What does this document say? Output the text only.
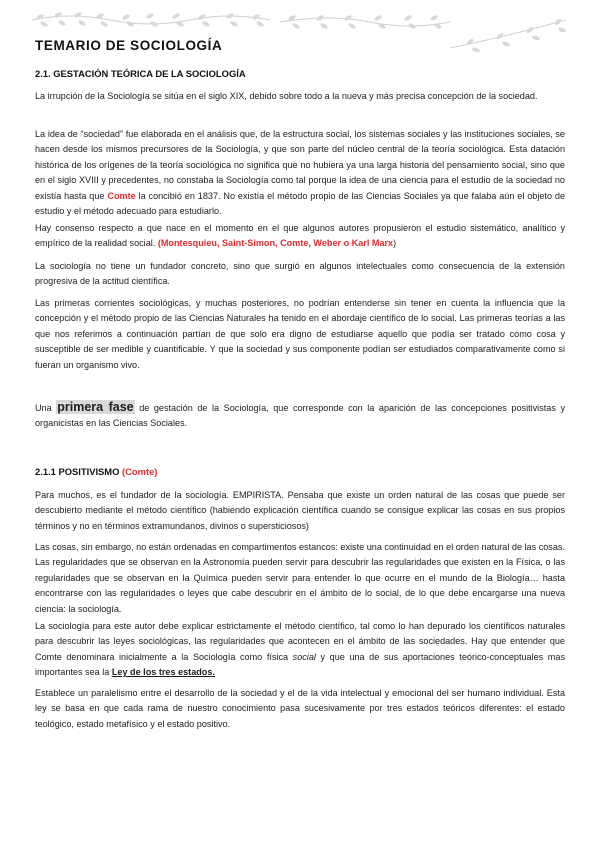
TEMARIO DE SOCIOLOGÍA
2.1. GESTACIÓN TEÓRICA DE LA SOCIOLOGÍA

La irrupción de la Sociología se sitúa en el siglo XIX, debido sobre todo a la nueva y más precisa concepción de la sociedad.

La idea de “sociedad” fue elaborada en el análisis que, de la estructura social, los sistemas sociales y las instituciones sociales, se hacen desde los mismos precursores de la Sociología, y que son parte del núcleo central de la teoría sociológica. Esta datación histórica de los orígenes de la teoría sociológica no significa que no hubiera ya una larga historia del pensamiento social, sino que en el siglo XVIII y precedentes, no constaba la Sociología como tal porque la idea de una ciencia para el estudio de la sociedad no existía hasta que Comte la concibió en 1837. No existía el método propio de las Ciencias Sociales ya que falaba aún el objeto de estudio y el método adecuado para estudiarlo.

Hay consenso respecto a que nace en el momento en el que algunos autores propusieron el estudio sistemático, analítico y empírico de la realidad social. (Montesquieu, Saint-Simon, Comte, Weber o Karl Marx)

La sociología no tiene un fundador concreto, sino que surgió en algunos intelectuales como consecuencia de la extensión progresiva de la actitud científica.

Las primeras corrientes sociológicas, y muchas posteriores, no podrían entenderse sin tener en cuenta la influencia que la concepción y el método propio de las Ciencias Naturales ha tenido en el abordaje científico de lo social. Las primeras teorías a las que nos referimos a continuación partían de que solo era digno de estudiarse aquello que podía ser tratado como cosa y susceptible de ser medible y cuantificable. Y que la sociedad y sus componente podían ser estudiados comparativamente como si fueran un organismo vivo.

Una primera fase de gestación de la Sociología, que corresponde con la aparición de las concepciones positivistas y organicistas en las Ciencias Sociales.

2.1.1 POSITIVISMO (Comte)

Para muchos, es el fundador de la sociología. EMPIRISTA. Pensaba que existe un orden natural de las cosas que puede ser descubierto mediante el método científico (habiendo explicación científica cuando se consigue explicar las cosas en sus propios términos y no en términos extramundanos, divinos o supersticiosos)

Las cosas, sin embargo, no están ordenadas en compartimentos estancos: existe una continuidad en el orden natural de las cosas. Las regularidades que se observan en la Astronomía pueden servir para descubrir las regularidades que existen en la Física, o las regularidades que se observan en la Química pueden servir para entender lo que ocurre en el mundo de la Biología… hasta encontrarse con las regularidades o leyes que cabe descubrir en el ámbito de lo social, de lo que debe encargarse una nueva ciencia: la sociología.

La sociología para este autor debe explicar estrictamente el método científico, tal como lo han depurado los científicos naturales para descubrir las leyes sociológicas, las regularidades que acontecen en el ámbito de las sociedades. Hay que entender que Comte denominara inicialmente a la Sociología como física social y que una de sus aportaciones teórico-conceptuales mas importantes sea la Ley de los tres estados.

Establece un paralelismo entre el desarrollo de la sociedad y el de la vida intelectual y emocional del ser humano individual. Esta ley se basa en que cada rama de nuestro conocimiento pasa sucesivamente por tres estados teóricos diferentes: el estado teológico, estado metafísico y el estado positivo.
